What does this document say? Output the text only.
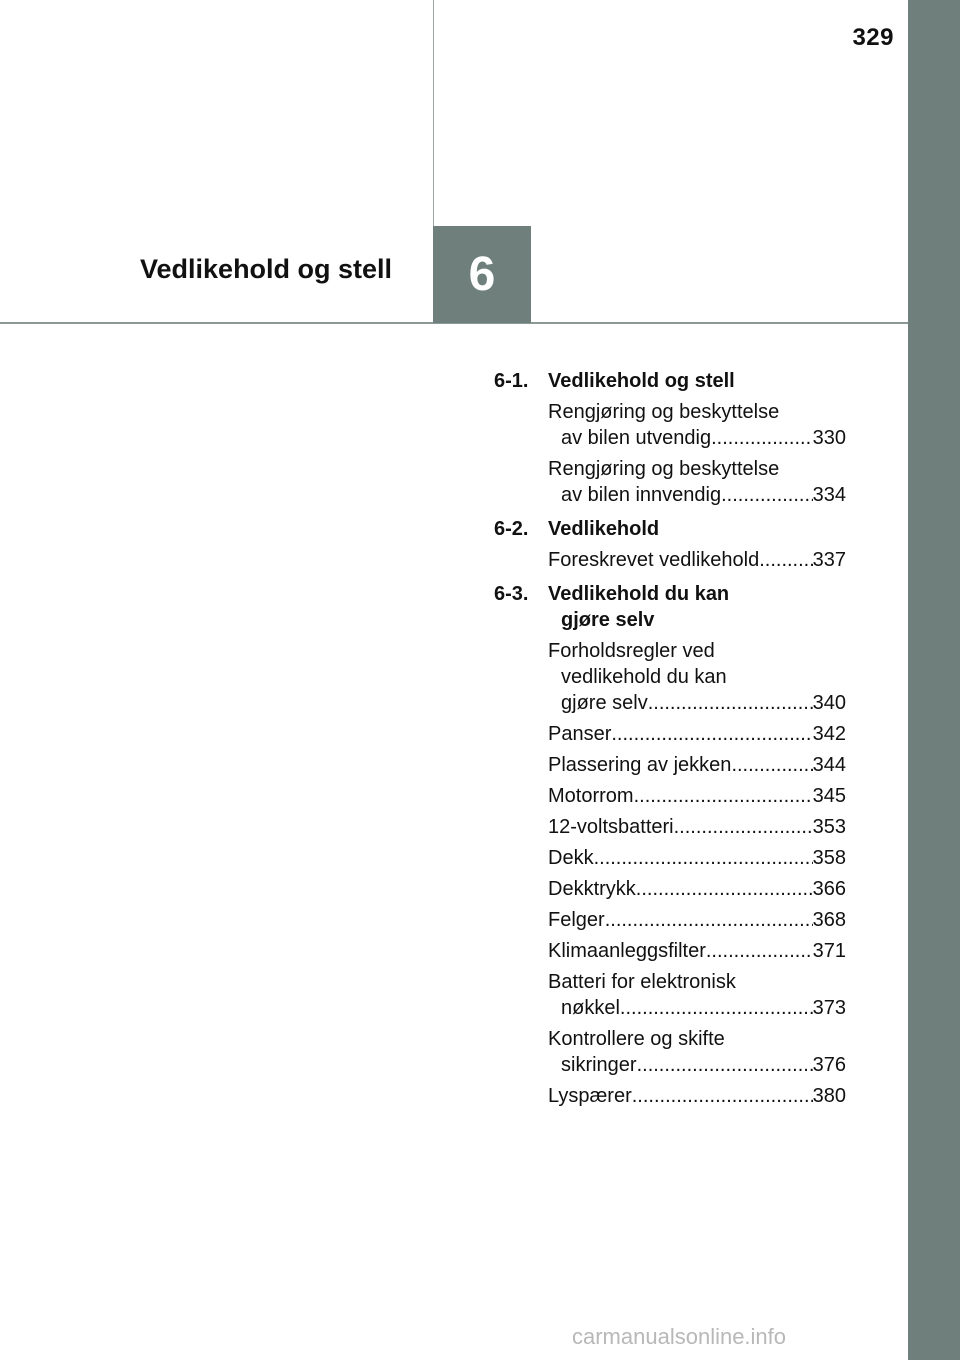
329
Vedlikehold og stell 6
6-1. Vedlikehold og stell
Rengjøring og beskyttelse
av bilen utvendig .....	330
Rengjøring og beskyttelse
av bilen innvendig .....	334
6-2. Vedlikehold
Foreskrevet vedlikehold .....	337
6-3. Vedlikehold du kan
gjøre selv
Forholdsregler ved
vedlikehold du kan
gjøre selv .....	340
Panser .....	342
Plassering av jekken .....	344
Motorrom .....	345
12-voltsbatteri .....	353
Dekk .....	358
Dekktrykk .....	366
Felger .....	368
Klimaanleggsfilter .....	371
Batteri for elektronisk
nøkkel .....	373
Kontrollere og skifte
sikringer .....	376
Lyspærer .....	380
carmanualsonline.info
